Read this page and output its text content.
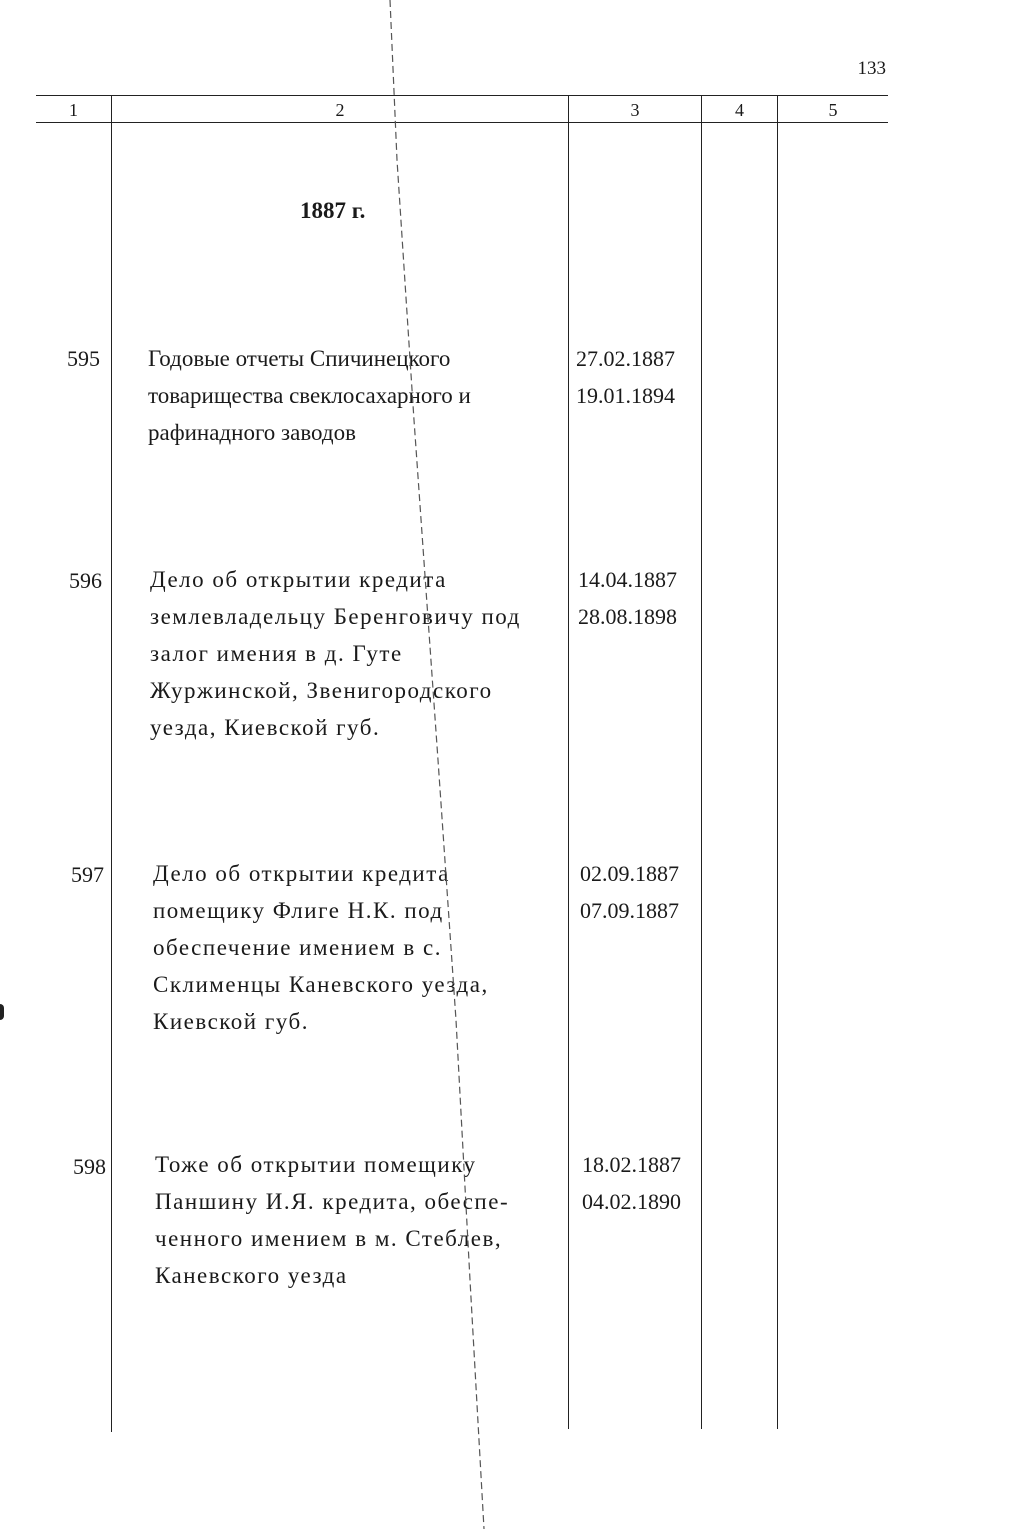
133
1	2	3	4	5
1887 г.
595 Годовые отчеты Спичинецкого
товарищества свеклосахарного и
рафинадного заводов
27.02.1887
19.01.1894
596 Дело об открытии кредита
землевладельцу Беренговичу под
залог имения в д. Гуте
Журжинской, Звенигородского
уезда, Киевской губ.
14.04.1887
28.08.1898
597 Дело об открытии кредита
помещику Флиге Н.К. под
обеспечение имением в с.
Склименцы Каневского уезда,
Киевской губ.
02.09.1887
07.09.1887
598 Тоже об открытии помещику
Паншину И.Я. кредита, обеспе-
ченного имением в м. Стеблев,
Каневского уезда
18.02.1887
04.02.1890
